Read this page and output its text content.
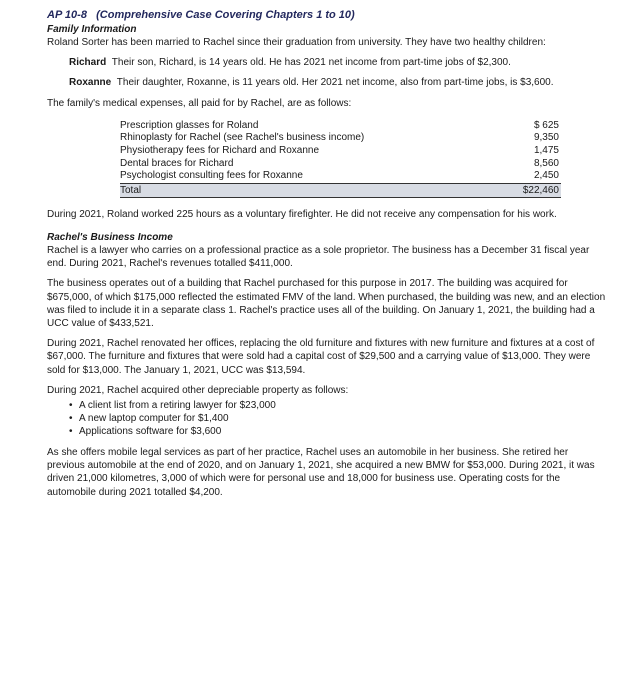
AP 10-8 (Comprehensive Case Covering Chapters 1 to 10)
Family Information

Roland Sorter has been married to Rachel since their graduation from university. They have two healthy children:

Richard Their son, Richard, is 14 years old. He has 2021 net income from part-time jobs of $2,300.

Roxanne Their daughter, Roxanne, is 11 years old. Her 2021 net income, also from part-time jobs, is $3,600.

The family's medical expenses, all paid for by Rachel, are as follows:

Prescription glasses for Roland	$ 625
Rhinoplasty for Rachel (see Rachel's business income)	9,350
Physiotherapy fees for Richard and Roxanne	1,475
Dental braces for Richard	8,560
Psychologist consulting fees for Roxanne	2,450
Total	$22,460

During 2021, Roland worked 225 hours as a voluntary firefighter. He did not receive any compensation for his work.

Rachel's Business Income

Rachel is a lawyer who carries on a professional practice as a sole proprietor. The business has a December 31 fiscal year end. During 2021, Rachel's revenues totalled $411,000.

The business operates out of a building that Rachel purchased for this purpose in 2017. The building was acquired for $675,000, of which $175,000 reflected the estimated FMV of the land. When purchased, the building was new, and an election was filed to include it in a separate class 1. Rachel's practice uses all of the building. On January 1, 2021, the building had a UCC value of $433,521.

During 2021, Rachel renovated her offices, replacing the old furniture and fixtures with new furniture and fixtures at a cost of $67,000. The furniture and fixtures that were sold had a capital cost of $29,500 and a carrying value of $13,000. They were sold for $13,000. The January 1, 2021, UCC was $13,594.

During 2021, Rachel acquired other depreciable property as follows:

• A client list from a retiring lawyer for $23,000
• A new laptop computer for $1,400
• Applications software for $3,600

As she offers mobile legal services as part of her practice, Rachel uses an automobile in her business. She retired her previous automobile at the end of 2020, and on January 1, 2021, she acquired a new BMW for $53,000. During 2021, it was driven 21,000 kilometres, 3,000 of which were for personal use and 18,000 for business use. Operating costs for the automobile during 2021 totalled $4,200.
